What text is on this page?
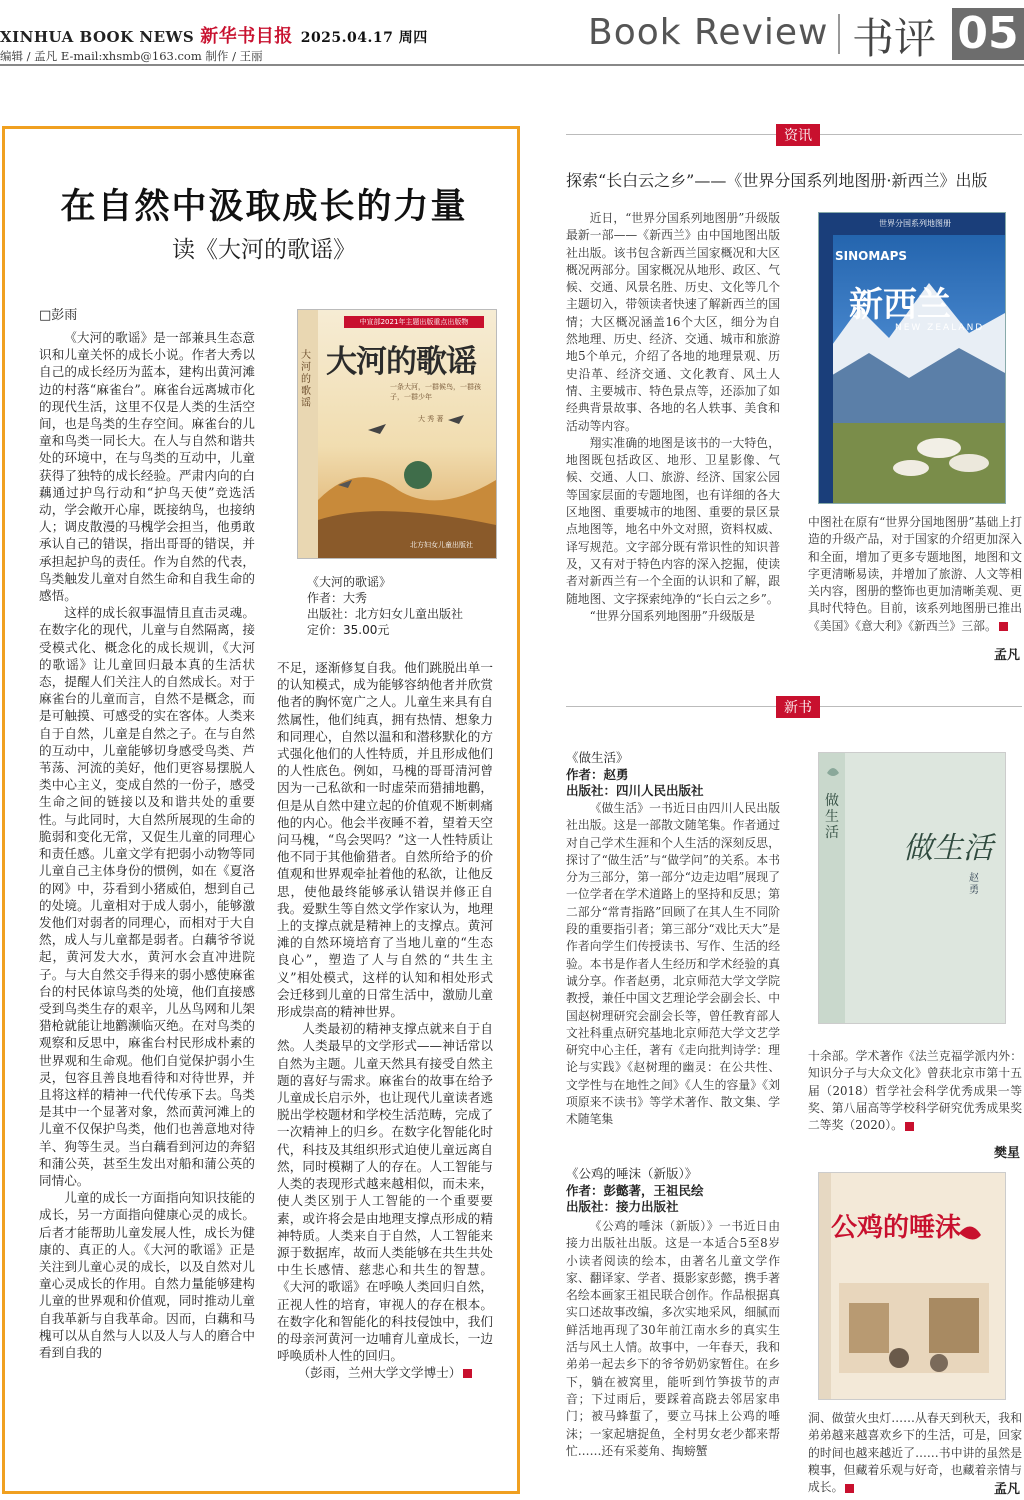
XINHUA BOOK NEWS 新华书目报 2025.04.17 周四
编辑 / 孟凡 E-mail:xhsmb@163.com 制作 / 王丽
Book Review 书评 05
在自然中汲取成长的力量
读《大河的歌谣》
□彭雨	中宣部2021年主题出版重点出版物
大河的歌谣
大河的歌谣
一条大河，一群候鸟，一群孩子，一群少年
大 秀 著
北方妇女儿童出版社
《大河的歌谣》
作者：大秀
出版社：北方妇女儿童出版社
定价：35.00元

《大河的歌谣》是一部兼具生态意识和儿童关怀的成长小说。作者大秀以自己的成长经历为蓝本，建构出黄河滩边的村落“麻雀台”。麻雀台远离城市化的现代生活，这里不仅是人类的生活空间，也是鸟类的生存空间。麻雀台的儿童和鸟类一同长大。在人与自然和谐共处的环境中，在与鸟类的互动中，儿童获得了独特的成长经验。严肃内向的白藕通过护鸟行动和“护鸟天使”竞选活动，学会敞开心扉，既接纳鸟，也接纳人；调皮散漫的马槐学会担当，他勇敢承认自己的错误，指出哥哥的错误，并承担起护鸟的责任。作为自然的代表，鸟类触发儿童对自然生命和自我生命的感悟。

这样的成长叙事温情且直击灵魂。在数字化的现代，儿童与自然隔离，接受模式化、概念化的成长规训，《大河的歌谣》让儿童回归最本真的生活状态，提醒人们关注人的自然成长。对于麻雀台的儿童而言，自然不是概念，而是可触摸、可感受的实在客体。人类来自于自然，儿童是自然之子。在与自然的互动中，儿童能够切身感受鸟类、芦苇荡、河流的美好，他们更容易摆脱人类中心主义，变成自然的一份子，感受生命之间的链接以及和谐共处的重要性。与此同时，大自然所展现的生命的脆弱和变化无常，又促生儿童的同理心和责任感。儿童文学有把弱小动物等同儿童自己主体身份的惯例，如在《夏洛的网》中，芬看到小猪威伯，想到自己的处境。儿童相对于成人弱小，能够激发他们对弱者的同理心，而相对于大自然，成人与儿童都是弱者。白藕爷爷说起，黄河发大水，黄河水会直冲进院子。与大自然交手得来的弱小感使麻雀台的村民体谅鸟类的处境，他们直接感受到鸟类生存的艰辛，儿丛鸟网和儿架猎枪就能让地鹳濒临灭绝。在对鸟类的观察和反思中，麻雀台村民形成朴素的世界观和生命观。他们自觉保护弱小生灵，包容且善良地看待和对待世界，并且将这样的精神一代代传承下去。鸟类是其中一个显著对象，然而黄河滩上的儿童不仅保护鸟类，他们也善意地对待羊、狗等生灵。当白藕看到河边的奔貂和蒲公英，甚至生发出对船和蒲公英的同情心。

儿童的成长一方面指向知识技能的成长，另一方面指向健康心灵的成长。后者才能帮助儿童发展人性，成长为健康的、真正的人。《大河的歌谣》正是关注到儿童心灵的成长，以及自然对儿童心灵成长的作用。自然力量能够建构儿童的世界观和价值观，同时推动儿童自我革新与自我革命。因而，白藕和马槐可以从自然与人以及人与人的磨合中看到自我的

不足，逐渐修复自我。他们跳脱出单一的认知模式，成为能够容纳他者并欣赏他者的胸怀宽广之人。儿童生来具有自然属性，他们纯真，拥有热情、想象力和同理心，自然以温和和潜移默化的方式强化他们的人性特质，并且形成他们的人性底色。例如，马槐的哥哥清河曾因为一己私欲和一时虚荣而猎捕地鹳，但是从自然中建立起的价值观不断刺痛他的内心。他会半夜睡不着，望着天空问马槐，“鸟会哭吗？”这一人性特质让他不同于其他偷猎者。自然所给予的价值观和世界观牵扯着他的私欲，让他反思，使他最终能够承认错误并修正自我。爱默生等自然文学作家认为，地理上的支撑点就是精神上的支撑点。黄河滩的自然环境培育了当地儿童的“生态良心”，塑造了人与自然的“共生主义”相处模式，这样的认知和相处形式会迁移到儿童的日常生活中，激励儿童形成崇高的精神世界。

人类最初的精神支撑点就来自于自然。人类最早的文学形式——神话常以自然为主题。儿童天然具有接受自然主题的喜好与需求。麻雀台的故事在给予儿童成长启示外，也让现代儿童读者逃脱出学校题材和学校生活范畴，完成了一次精神上的归乡。在数字化智能化时代，科技及其组织形式迫使儿童远离自然，同时模糊了人的存在。人工智能与人类的表现形式越来越相似，而未来，使人类区别于人工智能的一个重要要素，或许将会是由地理支撑点形成的精神特质。人类来自于自然，人工智能来源于数据库，故而人类能够在共生共处中生长感情、慈悲心和共生的智慧。《大河的歌谣》在呼唤人类回归自然，正视人性的培育，审视人的存在根本。在数字化和智能化的科技侵蚀中，我们的母亲河黄河一边哺育儿童成长，一边呼唤质朴人性的回归。

（彭雨，兰州大学文学博士）

资讯
探索“长白云之乡”——《世界分国系列地图册·新西兰》出版

近日，“世界分国系列地图册”升级版最新一部——《新西兰》由中国地图出版社出版。该书包含新西兰国家概况和大区概况两部分。国家概况从地形、政区、气候、交通、风景名胜、历史、文化等几个主题切入，带领读者快速了解新西兰的国情；大区概况涵盖16个大区，细分为自然地理、历史、经济、交通、城市和旅游地5个单元，介绍了各地的地理景观、历史沿革、经济交通、文化教育、风土人情、主要城市、特色景点等，还添加了如经典背景故事、各地的名人轶事、美食和活动等内容。

翔实准确的地图是该书的一大特色，地图既包括政区、地形、卫星影像、气候、交通、人口、旅游、经济、国家公园等国家层面的专题地图，也有详细的各大区地图、重要城市的地图、重要的景区景点地图等，地名中外文对照，资料权威、译写规范。文字部分既有常识性的知识普及，又有对于特色内容的深入挖掘，使读者对新西兰有一个全面的认识和了解，跟随地图、文字探索纯净的“长白云之乡”。

“世界分国系列地图册”升级版是

SINOMAPS
世界分国系列地图册
新西兰
NEW ZEALAND

中图社在原有“世界分国地图册”基础上打造的升级产品，对于国家的介绍更加深入和全面，增加了更多专题地图，地图和文字更清晰易读，并增加了旅游、人文等相关内容，图册的整饰也更加清晰美观、更具时代特色。目前，该系列地图册已推出《美国》《意大利》《新西兰》三部。

孟凡
新书
《做生活》
作者：赵勇
出版社：四川人民出版社

《做生活》一书近日由四川人民出版社出版。这是一部散文随笔集。作者通过对自己学术生涯和个人生活的深刻反思，探讨了“做生活”与“做学问”的关系。本书分为三部分，第一部分“边走边唱”展现了一位学者在学术道路上的坚持和反思；第二部分“常青指路”回顾了在其人生不同阶段的重要指引者；第三部分“戏比天大”是作者向学生们传授读书、写作、生活的经验。本书是作者人生经历和学术经验的真诚分享。作者赵勇，北京师范大学文学院教授，兼任中国文艺理论学会副会长、中国赵树理研究会副会长等，曾任教育部人文社科重点研究基地北京师范大学文艺学研究中心主任，著有《走向批判诗学：理论与实践》《赵树理的幽灵：在公共性、文学性与在地性之间》《人生的容量》《刘项原来不读书》等学术著作、散文集、学术随笔集

做生活 做生活
赵勇

十余部。学术著作《法兰克福学派内外：知识分子与大众文化》曾获北京市第十五届（2018）哲学社会科学优秀成果一等奖、第八届高等学校科学研究优秀成果奖二等奖（2020）。

樊星
《公鸡的唾沫（新版）》
作者：彭懿著，王祖民绘
出版社：接力出版社

《公鸡的唾沫（新版）》一书近日由接力出版社出版。这是一本适合5至8岁小读者阅读的绘本，由著名儿童文学作家、翻译家、学者、摄影家彭懿，携手著名绘本画家王祖民联合创作。作品根据真实口述故事改编，多次实地采风，细腻而鲜活地再现了30年前江南水乡的真实生活与风土人情。故事中，一年春天，我和弟弟一起去乡下的爷爷奶奶家暂住。在乡下，躺在被窝里，能听到竹笋拔节的声音；下过雨后，要踩着高跷去邻居家串门；被马蜂蜇了，要立马抹上公鸡的唾沫；一家起塘捉鱼，全村男女老少都来帮忙……还有采菱角、掏螃蟹

公鸡的唾沫

洞、做萤火虫灯……从春天到秋天，我和弟弟越来越喜欢乡下的生活，可是，回家的时间也越来越近了……书中讲的虽然是糗事，但藏着乐观与好奇，也藏着亲情与成长。	孟凡
